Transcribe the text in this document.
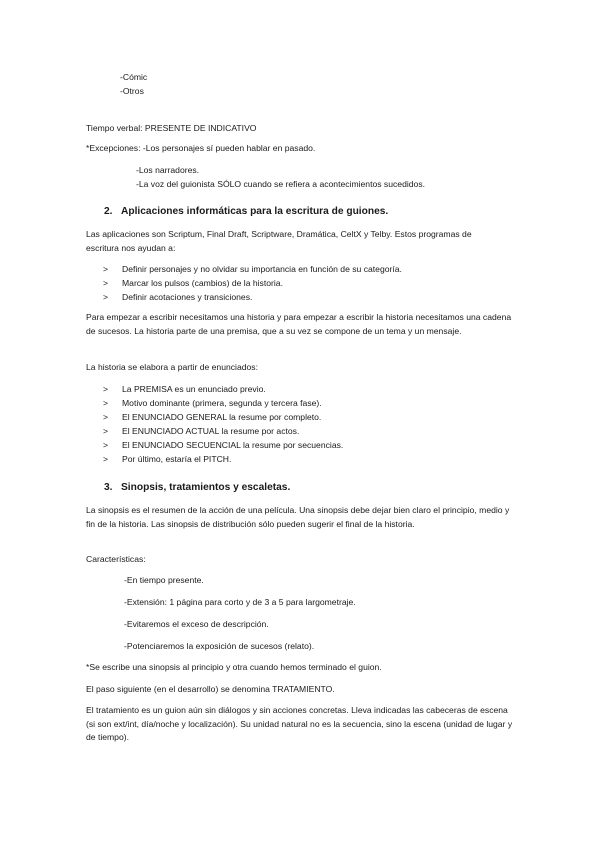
-Cómic

-Otros

Tiempo verbal: PRESENTE DE INDICATIVO

*Excepciones: -Los personajes sí pueden hablar en pasado.

-Los narradores.

-La voz del guionista SÓLO cuando se refiera a acontecimientos sucedidos.

2. Aplicaciones informáticas para la escritura de guiones.

Las aplicaciones son Scriptum, Final Draft, Scriptware, Dramática, CeltX y Telby. Estos programas de escritura nos ayudan a:

> Definir personajes y no olvidar su importancia en función de su categoría.
> Marcar los pulsos (cambios) de la historia.
> Definir acotaciones y transiciones.

Para empezar a escribir necesitamos una historia y para empezar a escribir la historia necesitamos una cadena de sucesos. La historia parte de una premisa, que a su vez se compone de un tema y un mensaje.

La historia se elabora a partir de enunciados:

> La PREMISA es un enunciado previo.
> Motivo dominante (primera, segunda y tercera fase).
> El ENUNCIADO GENERAL la resume por completo.
> El ENUNCIADO ACTUAL la resume por actos.
> El ENUNCIADO SECUENCIAL la resume por secuencias.
> Por último, estaría el PITCH.

3. Sinopsis, tratamientos y escaletas.

La sinopsis es el resumen de la acción de una película. Una sinopsis debe dejar bien claro el principio, medio y fin de la historia. Las sinopsis de distribución sólo pueden sugerir el final de la historia.

Características:

-En tiempo presente.

-Extensión: 1 página para corto y de 3 a 5 para largometraje.

-Evitaremos el exceso de descripción.

-Potenciaremos la exposición de sucesos (relato).

*Se escribe una sinopsis al principio y otra cuando hemos terminado el guion.

El paso siguiente (en el desarrollo) se denomina TRATAMIENTO.

El tratamiento es un guion aún sin diálogos y sin acciones concretas. Lleva indicadas las cabeceras de escena (si son ext/int, día/noche y localización). Su unidad natural no es la secuencia, sino la escena (unidad de lugar y de tiempo).
